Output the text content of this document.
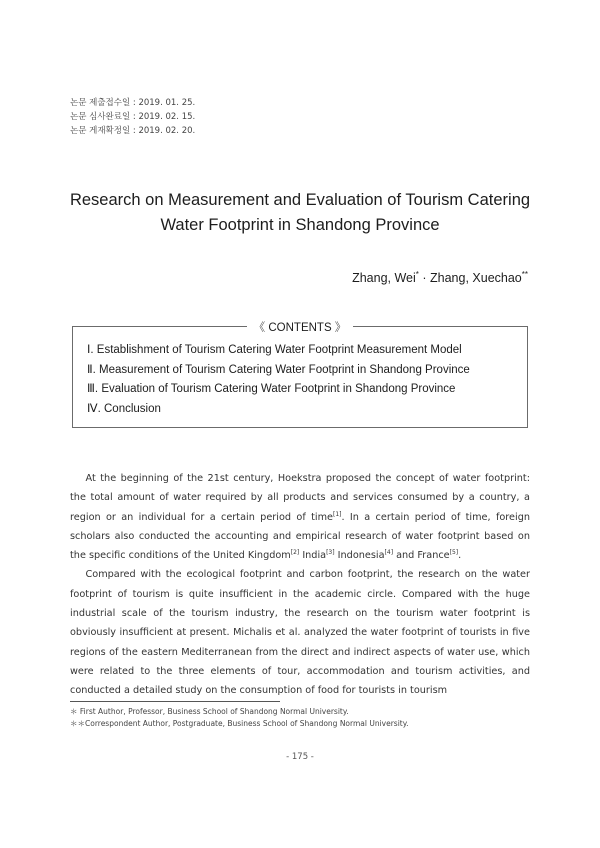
논문 제출접수일 : 2019. 01. 25.
논문 심사완료일 : 2019. 02. 15.
논문 게재확정일 : 2019. 02. 20.
Research on Measurement and Evaluation of Tourism Catering
Water Footprint in Shandong Province
Zhang, Wei* · Zhang, Xuechao**
《 CONTENTS 》
Ⅰ. Establishment of Tourism Catering Water Footprint Measurement Model
Ⅱ. Measurement of Tourism Catering Water Footprint in Shandong Province
Ⅲ. Evaluation of Tourism Catering Water Footprint in Shandong Province
Ⅳ. Conclusion

At the beginning of the 21st century, Hoekstra proposed the concept of water footprint: the total amount of water required by all products and services consumed by a country, a region or an individual for a certain period of time[1]. In a certain period of time, foreign scholars also conducted the accounting and empirical research of water footprint based on the specific conditions of the United Kingdom[2] India[3] Indonesia[4] and France[5].

Compared with the ecological footprint and carbon footprint, the research on the water footprint of tourism is quite insufficient in the academic circle. Compared with the huge industrial scale of the tourism industry, the research on the tourism water footprint is obviously insufficient at present. Michalis et al. analyzed the water footprint of tourists in five regions of the eastern Mediterranean from the direct and indirect aspects of water use, which were related to the three elements of tour, accommodation and tourism activities, and conducted a detailed study on the consumption of food for tourists in tourism

＊ First Author, Professor, Business School of Shandong Normal University.
＊＊Correspondent Author, Postgraduate, Business School of Shandong Normal University.
- 175 -
